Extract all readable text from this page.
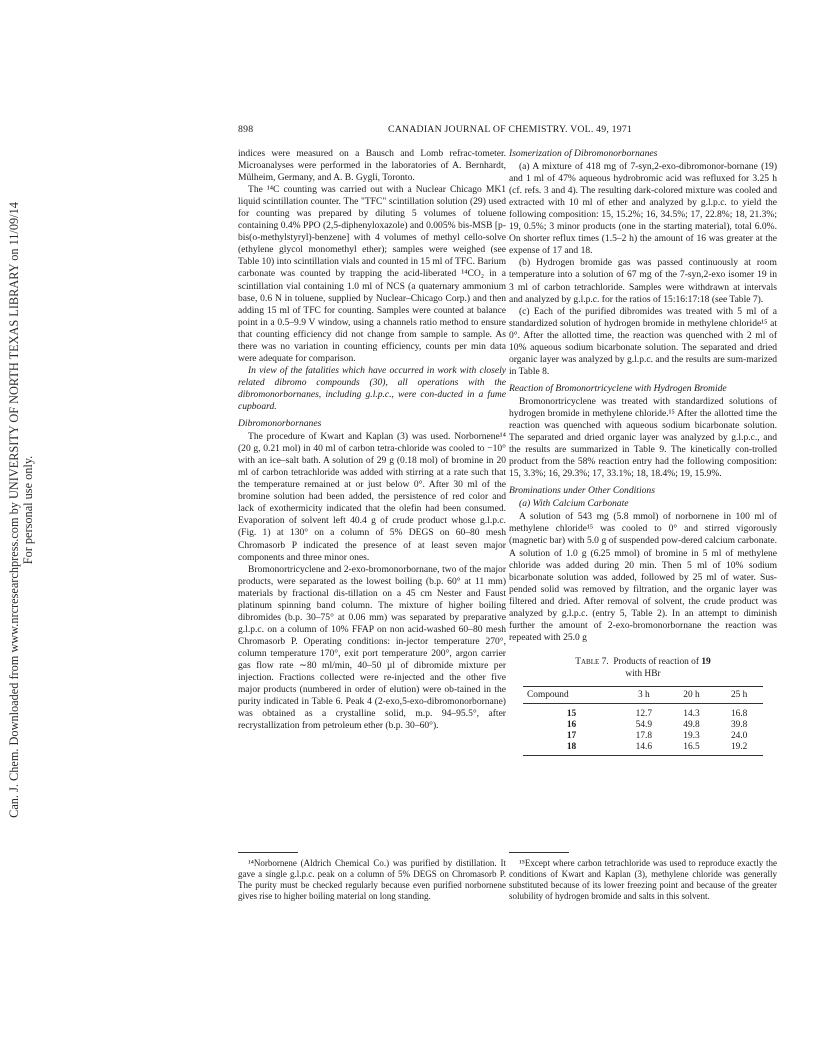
Can. J. Chem. Downloaded from www.nrcresearchpress.com by UNIVERSITY OF NORTH TEXAS LIBRARY on 11/09/14 For personal use only.
898	CANADIAN JOURNAL OF CHEMISTRY. VOL. 49, 1971

indices were measured on a Bausch and Lomb refrac-tometer. Microanalyses were performed in the laboratories of A. Bernhardt, Mülheim, Germany, and A. B. Gygli, Toronto.

The ¹⁴C counting was carried out with a Nuclear Chicago MK1 liquid scintillation counter. The "TFC" scintillation solution (29) used for counting was prepared by diluting 5 volumes of toluene containing 0.4% PPO (2,5-diphenyloxazole) and 0.005% bis-MSB [p-bis(o-methylstyryl)-benzene] with 4 volumes of methyl cello-solve (ethylene glycol monomethyl ether); samples were weighed (see Table 10) into scintillation vials and counted in 15 ml of TFC. Barium carbonate was counted by trapping the acid-liberated ¹⁴CO₂ in a scintillation vial containing 1.0 ml of NCS (a quaternary ammonium base, 0.6 N in toluene, supplied by Nuclear–Chicago Corp.) and then adding 15 ml of TFC for counting. Samples were counted at balance point in a 0.5–9.9 V window, using a channels ratio method to ensure that counting efficiency did not change from sample to sample. As there was no variation in counting efficiency, counts per min data were adequate for comparison.

In view of the fatalities which have occurred in work with closely related dibromo compounds (30), all operations with the dibromonorbornanes, including g.l.p.c., were con-ducted in a fume cupboard.

Dibromonorbornanes

The procedure of Kwart and Kaplan (3) was used. Norbornene¹⁴ (20 g, 0.21 mol) in 40 ml of carbon tetra-chloride was cooled to −10° with an ice–salt bath. A solution of 29 g (0.18 mol) of bromine in 20 ml of carbon tetrachloride was added with stirring at a rate such that the temperature remained at or just below 0°. After 30 ml of the bromine solution had been added, the persistence of red color and lack of exothermicity indicated that the olefin had been consumed. Evaporation of solvent left 40.4 g of crude product whose g.l.p.c. (Fig. 1) at 130° on a column of 5% DEGS on 60–80 mesh Chromasorb P indicated the presence of at least seven major components and three minor ones.

Bromonortricyclene and 2-exo-bromonorbornane, two of the major products, were separated as the lowest boiling (b.p. 60° at 11 mm) materials by fractional dis-tillation on a 45 cm Nester and Faust platinum spinning band column. The mixture of higher boiling dibromides (b.p. 30–75° at 0.06 mm) was separated by preparative g.l.p.c. on a column of 10% FFAP on non acid-washed 60–80 mesh Chromasorb P. Operating conditions: in-jector temperature 270°, column temperature 170°, exit port temperature 200°, argon carrier gas flow rate ∼80 ml/min, 40–50 µl of dibromide mixture per injection. Fractions collected were re-injected and the other five major products (numbered in order of elution) were ob-tained in the purity indicated in Table 6. Peak 4 (2-exo,5-exo-dibromonorbornane) was obtained as a crystalline solid, m.p. 94–95.5°, after recrystallization from petroleum ether (b.p. 30–60°).

Isomerization of Dibromonorbornanes

(a) A mixture of 418 mg of 7-syn,2-exo-dibromonor-bornane (19) and 1 ml of 47% aqueous hydrobromic acid was refluxed for 3.25 h (cf. refs. 3 and 4). The resulting dark-colored mixture was cooled and extracted with 10 ml of ether and analyzed by g.l.p.c. to yield the following composition: 15, 15.2%; 16, 34.5%; 17, 22.8%; 18, 21.3%; 19, 0.5%; 3 minor products (one in the starting material), total 6.0%. On shorter reflux times (1.5–2 h) the amount of 16 was greater at the expense of 17 and 18.

(b) Hydrogen bromide gas was passed continuously at room temperature into a solution of 67 mg of the 7-syn,2-exo isomer 19 in 3 ml of carbon tetrachloride. Samples were withdrawn at intervals and analyzed by g.l.p.c. for the ratios of 15:16:17:18 (see Table 7).

(c) Each of the purified dibromides was treated with 5 ml of a standardized solution of hydrogen bromide in methylene chloride¹⁵ at 0°. After the allotted time, the reaction was quenched with 2 ml of 10% aqueous sodium bicarbonate solution. The separated and dried organic layer was analyzed by g.l.p.c. and the results are sum-marized in Table 8.

Reaction of Bromonortricyclene with Hydrogen Bromide

Bromonortricyclene was treated with standardized solutions of hydrogen bromide in methylene chloride.¹⁵ After the allotted time the reaction was quenched with aqueous sodium bicarbonate solution. The separated and dried organic layer was analyzed by g.l.p.c., and the results are summarized in Table 9. The kinetically con-trolled product from the 58% reaction entry had the following composition: 15, 3.3%; 16, 29.3%; 17, 33.1%; 18, 18.4%; 19, 15.9%.

Brominations under Other Conditions
(a) With Calcium Carbonate

A solution of 543 mg (5.8 mmol) of norbornene in 100 ml of methylene chloride¹⁵ was cooled to 0° and stirred vigorously (magnetic bar) with 5.0 g of suspended pow-dered calcium carbonate. A solution of 1.0 g (6.25 mmol) of bromine in 5 ml of methylene chloride was added during 20 min. Then 5 ml of 10% sodium bicarbonate solution was added, followed by 25 ml of water. Sus-pended solid was removed by filtration, and the organic layer was filtered and dried. After removal of solvent, the crude product was analyzed by g.l.p.c. (entry 5, Table 2). In an attempt to diminish further the amount of 2-exo-bromonorbornane the reaction was repeated with 25.0 g

Table 7. Products of reaction of 19
with HBr
Compound	3 h	20 h	25 h
15	12.7	14.3	16.8
16	54.9	49.8	39.8
17	17.8	19.3	24.0
18	14.6	16.5	19.2

¹⁴Norbornene (Aldrich Chemical Co.) was purified by distillation. It gave a single g.l.p.c. peak on a column of 5% DEGS on Chromasorb P. The purity must be checked regularly because even purified norbornene gives rise to higher boiling material on long standing.

¹⁵Except where carbon tetrachloride was used to reproduce exactly the conditions of Kwart and Kaplan (3), methylene chloride was generally substituted because of its lower freezing point and because of the greater solubility of hydrogen bromide and salts in this solvent.
